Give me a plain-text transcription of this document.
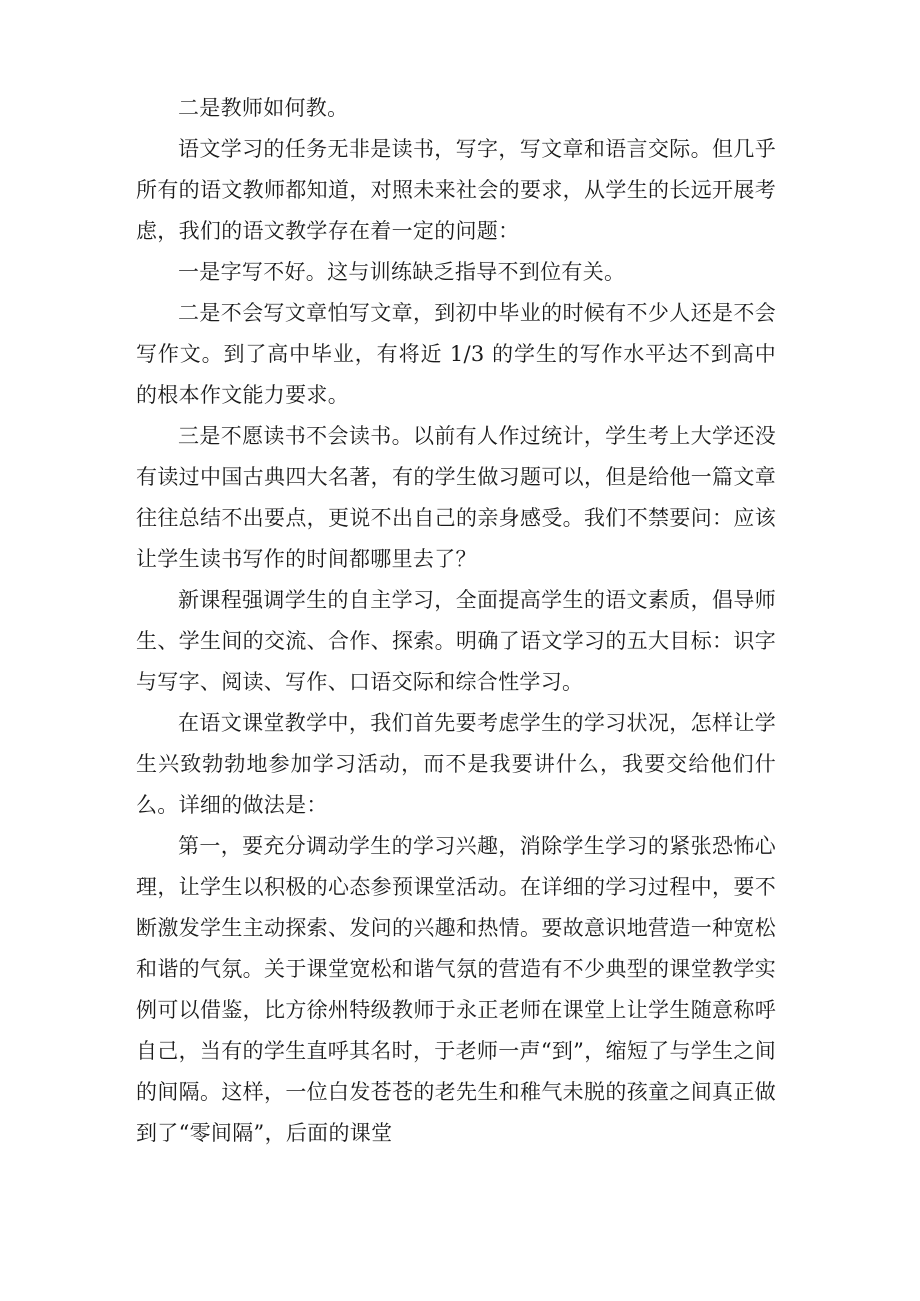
二是教师如何教。

语文学习的任务无非是读书，写字，写文章和语言交际。但几乎所有的语文教师都知道，对照未来社会的要求，从学生的长远开展考虑，我们的语文教学存在着一定的问题：

一是字写不好。这与训练缺乏指导不到位有关。

二是不会写文章怕写文章，到初中毕业的时候有不少人还是不会写作文。到了高中毕业，有将近 1/3 的学生的写作水平达不到高中的根本作文能力要求。

三是不愿读书不会读书。以前有人作过统计，学生考上大学还没有读过中国古典四大名著，有的学生做习题可以，但是给他一篇文章往往总结不出要点，更说不出自己的亲身感受。我们不禁要问：应该让学生读书写作的时间都哪里去了？

新课程强调学生的自主学习，全面提高学生的语文素质，倡导师生、学生间的交流、合作、探索。明确了语文学习的五大目标：识字与写字、阅读、写作、口语交际和综合性学习。

在语文课堂教学中，我们首先要考虑学生的学习状况，怎样让学生兴致勃勃地参加学习活动，而不是我要讲什么，我要交给他们什么。详细的做法是：

第一，要充分调动学生的学习兴趣，消除学生学习的紧张恐怖心理，让学生以积极的心态参预课堂活动。在详细的学习过程中，要不断激发学生主动探索、发问的兴趣和热情。要故意识地营造一种宽松和谐的气氛。关于课堂宽松和谐气氛的营造有不少典型的课堂教学实例可以借鉴，比方徐州特级教师于永正老师在课堂上让学生随意称呼自己，当有的学生直呼其名时，于老师一声“到”，缩短了与学生之间的间隔。这样，一位白发苍苍的老先生和稚气未脱的孩童之间真正做到了“零间隔”，后面的课堂
